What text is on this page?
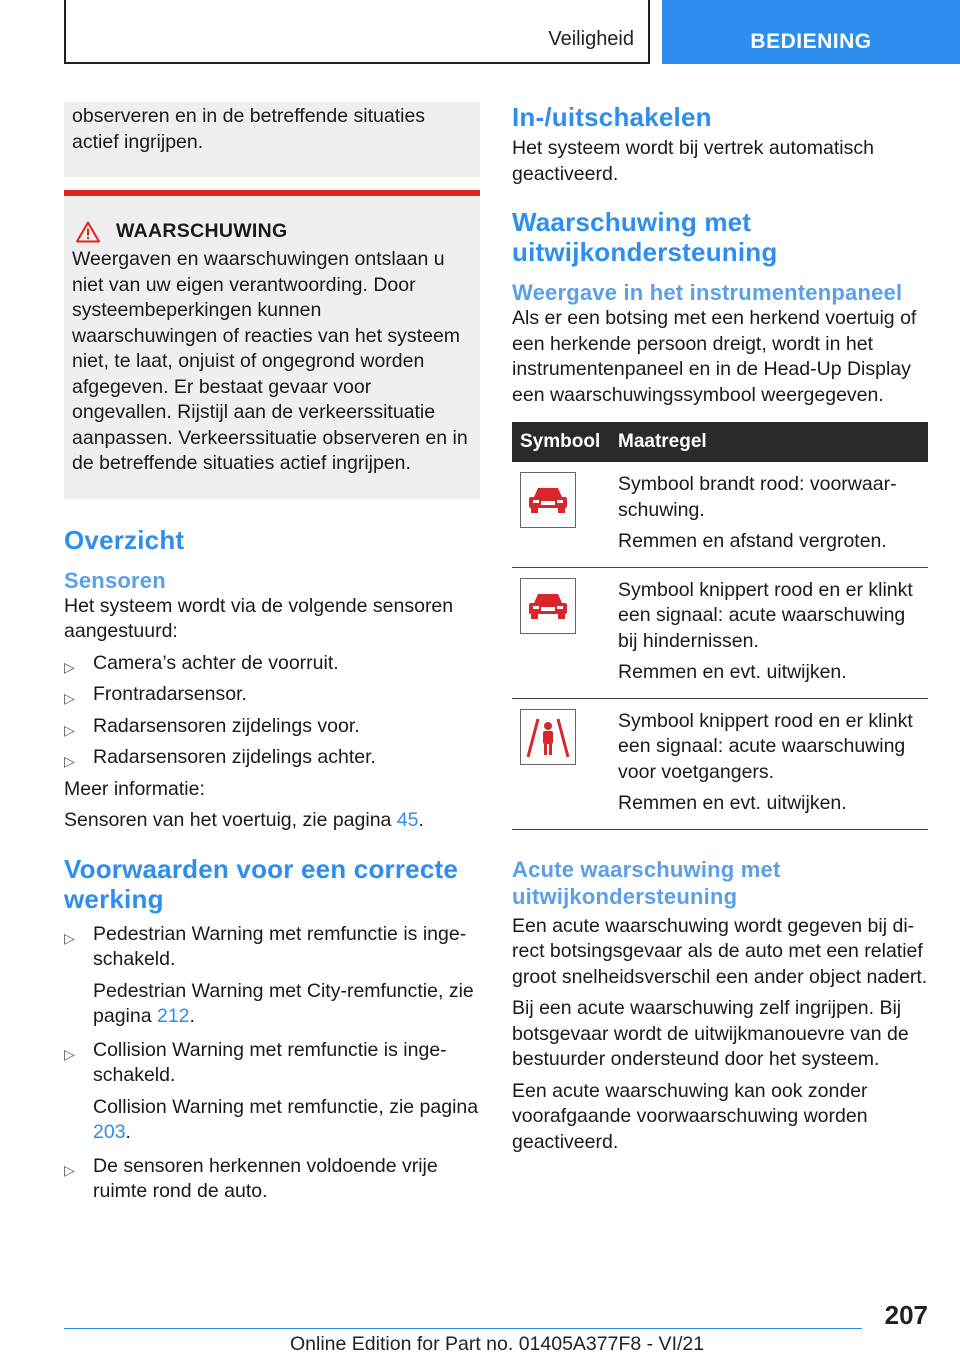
Veiligheid	BEDIENING

observeren en in de betreffende situaties actief ingrijpen.

WAARSCHUWING

Weergaven en waarschuwingen ontslaan u niet van uw eigen verantwoording. Door systeembeperkingen kunnen waarschuwingen of reacties van het systeem niet, te laat, onjuist of ongegrond worden afgegeven. Er bestaat gevaar voor ongevallen. Rijstijl aan de verkeerssituatie aanpassen. Verkeerssituatie observeren en in de betreffende situaties actief ingrijpen.

Overzicht
Sensoren

Het systeem wordt via de volgende sensoren aangestuurd:

▷ Camera’s achter de voorruit.
▷ Frontradarsensor.
▷ Radarsensoren zijdelings voor.
▷ Radarsensoren zijdelings achter.

Meer informatie:

Sensoren van het voertuig, zie pagina 45.

Voorwaarden voor een correcte werking
▷ Pedestrian Warning met remfunctie is ingeschakeld.

Pedestrian Warning met City-remfunctie, zie pagina 212.

▷ Collision Warning met remfunctie is ingeschakeld.

Collision Warning met remfunctie, zie pagina 203.

▷ De sensoren herkennen voldoende vrije ruimte rond de auto.

In-/uitschakelen

Het systeem wordt bij vertrek automatisch geactiveerd.

Waarschuwing met uitwijkondersteuning
Weergave in het instrumentenpaneel

Als er een botsing met een herkend voertuig of een herkende persoon dreigt, wordt in het instrumentenpaneel en in de Head-Up Display een waarschuwingssymbool weergegeven.

Symbool	Maatregel

Symbool brandt rood: voorwaarschuwing.

Remmen en afstand vergroten.

Symbool knippert rood en er klinkt een signaal: acute waarschuwing bij hindernissen.

Remmen en evt. uitwijken.

Symbool knippert rood en er klinkt een signaal: acute waarschuwing voor voetgangers.

Remmen en evt. uitwijken.

Acute waarschuwing met uitwijkondersteuning

Een acute waarschuwing wordt gegeven bij direct botsingsgevaar als de auto met een relatief groot snelheidsverschil een ander object nadert.

Bij een acute waarschuwing zelf ingrijpen. Bij botsgevaar wordt de uitwijkmanouevre van de bestuurder ondersteund door het systeem.

Een acute waarschuwing kan ook zonder voorafgaande voorwaarschuwing worden geactiveerd.

207
Online Edition for Part no. 01405A377F8 - VI/21
